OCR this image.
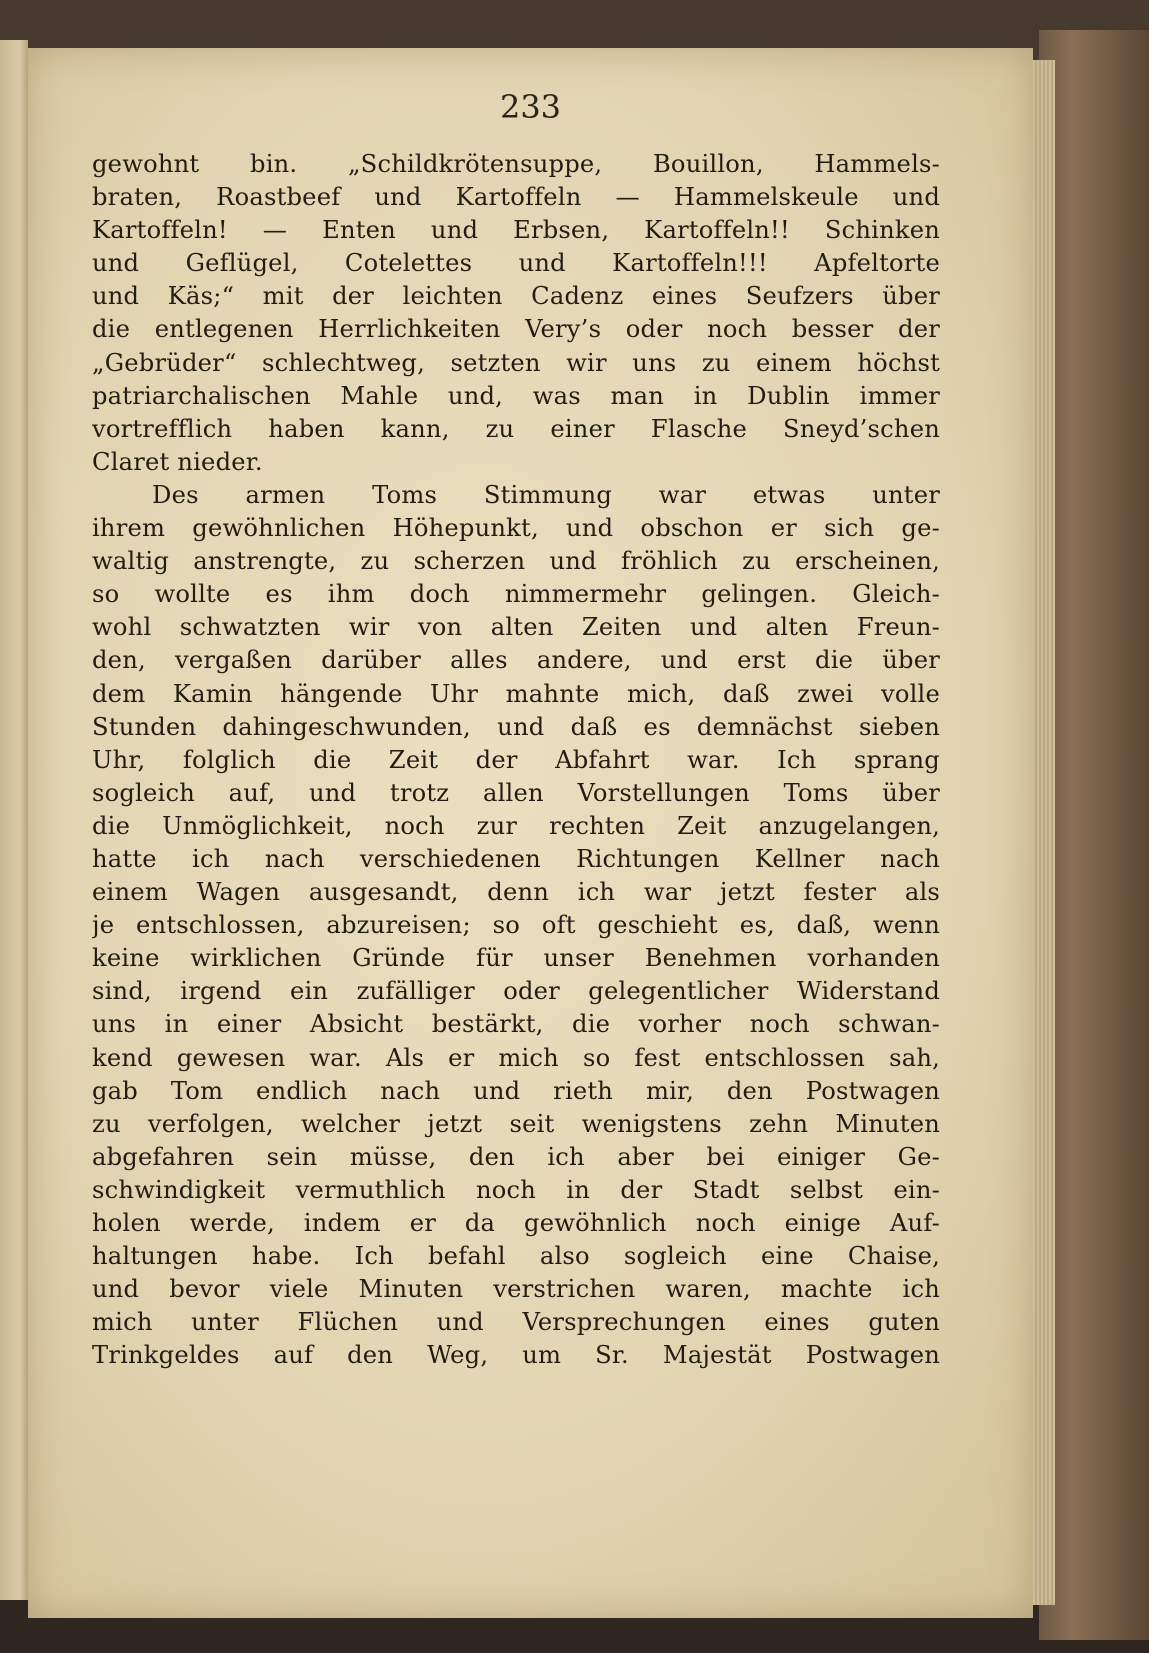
233
gewohnt bin. „Schildkrötensuppe, Bouillon, Hammels-
braten, Roastbeef und Kartoffeln — Hammelskeule und
Kartoffeln! — Enten und Erbsen, Kartoffeln!! Schinken
und Geflügel, Cotelettes und Kartoffeln!!! Apfeltorte
und Käs;“ mit der leichten Cadenz eines Seufzers über
die entlegenen Herrlichkeiten Very’s oder noch besser der
„Gebrüder“ schlechtweg, setzten wir uns zu einem höchst
patriarchalischen Mahle und, was man in Dublin immer
vortrefflich haben kann, zu einer Flasche Sneyd’schen
Claret nieder.
Des armen Toms Stimmung war etwas unter
ihrem gewöhnlichen Höhepunkt, und obschon er sich ge-
waltig anstrengte, zu scherzen und fröhlich zu erscheinen,
so wollte es ihm doch nimmermehr gelingen. Gleich-
wohl schwatzten wir von alten Zeiten und alten Freun-
den, vergaßen darüber alles andere, und erst die über
dem Kamin hängende Uhr mahnte mich, daß zwei volle
Stunden dahingeschwunden, und daß es demnächst sieben
Uhr, folglich die Zeit der Abfahrt war. Ich sprang
sogleich auf, und trotz allen Vorstellungen Toms über
die Unmöglichkeit, noch zur rechten Zeit anzugelangen,
hatte ich nach verschiedenen Richtungen Kellner nach
einem Wagen ausgesandt, denn ich war jetzt fester als
je entschlossen, abzureisen; so oft geschieht es, daß, wenn
keine wirklichen Gründe für unser Benehmen vorhanden
sind, irgend ein zufälliger oder gelegentlicher Widerstand
uns in einer Absicht bestärkt, die vorher noch schwan-
kend gewesen war. Als er mich so fest entschlossen sah,
gab Tom endlich nach und rieth mir, den Postwagen
zu verfolgen, welcher jetzt seit wenigstens zehn Minuten
abgefahren sein müsse, den ich aber bei einiger Ge-
schwindigkeit vermuthlich noch in der Stadt selbst ein-
holen werde, indem er da gewöhnlich noch einige Auf-
haltungen habe. Ich befahl also sogleich eine Chaise,
und bevor viele Minuten verstrichen waren, machte ich
mich unter Flüchen und Versprechungen eines guten
Trinkgeldes auf den Weg, um Sr. Majestät Postwagen
